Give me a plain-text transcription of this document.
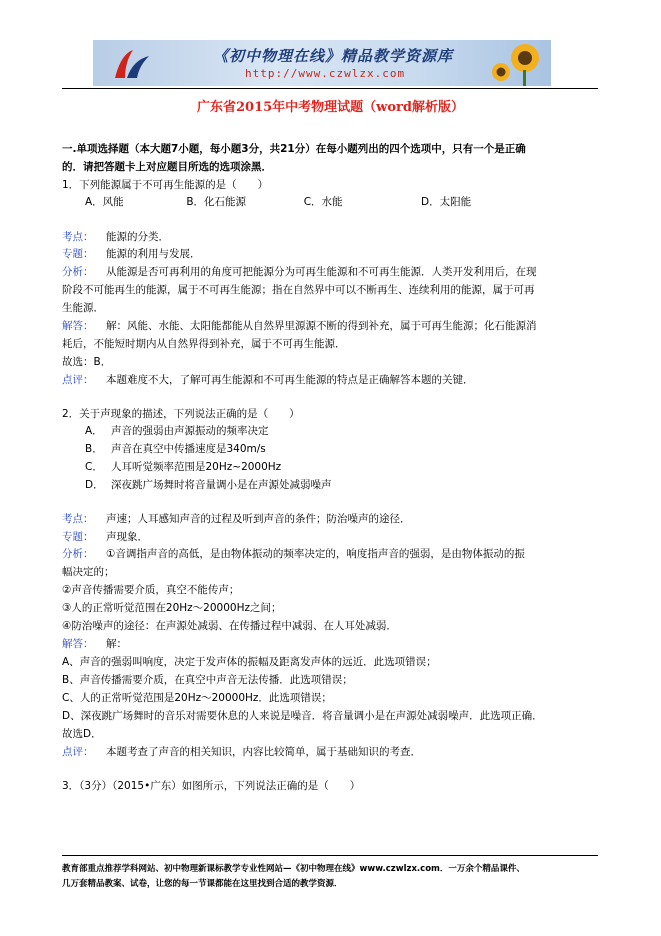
《初中物理在线》精品教学资源库
http://www.czwlzx.com
广东省2015年中考物理试题（word解析版）
一.单项选择题（本大题7小题，每小题3分，共21分）在每小题列出的四个选项中，只有一个是正确
的．请把答题卡上对应题目所选的选项涂黑．
1．下列能源属于不可再生能源的是（　　）
A．风能	B．化石能源	C．水能	D．太阳能
考点： 能源的分类．
专题： 能源的利用与发展．
分析： 从能源是否可再利用的角度可把能源分为可再生能源和不可再生能源．人类开发利用后，在现
阶段不可能再生的能源，属于不可再生能源；指在自然界中可以不断再生、连续利用的能源，属于可再
生能源．
解答： 解：风能、水能、太阳能都能从自然界里源源不断的得到补充，属于可再生能源；化石能源消
耗后，不能短时期内从自然界得到补充，属于不可再生能源．
故选：B．
点评： 本题难度不大，了解可再生能源和不可再生能源的特点是正确解答本题的关键．
2．关于声现象的描述，下列说法正确的是（　　）
A． 声音的强弱由声源振动的频率决定
B． 声音在真空中传播速度是340m/s
C． 人耳听觉频率范围是20Hz~2000Hz
D． 深夜跳广场舞时将音量调小是在声源处减弱噪声
考点： 声速；人耳感知声音的过程及听到声音的条件；防治噪声的途径．
专题： 声现象．
分析： ①音调指声音的高低，是由物体振动的频率决定的，响度指声音的强弱，是由物体振动的振
幅决定的；
②声音传播需要介质，真空不能传声；
③人的正常听觉范围在20Hz～20000Hz之间；
④防治噪声的途径：在声源处减弱、在传播过程中减弱、在人耳处减弱．
解答： 解：
A、声音的强弱叫响度，决定于发声体的振幅及距离发声体的远近．此选项错误；
B、声音传播需要介质，在真空中声音无法传播．此选项错误；
C、人的正常听觉范围是20Hz～20000Hz．此选项错误；
D、深夜跳广场舞时的音乐对需要休息的人来说是噪音．将音量调小是在声源处减弱噪声．此选项正确．
故选D．
点评： 本题考查了声音的相关知识，内容比较简单，属于基础知识的考查．
3．（3分）（2015•广东）如图所示，下列说法正确的是（　　）
教育部重点推荐学科网站、初中物理新课标教学专业性网站—《初中物理在线》www.czwlzx.com．一万余个精品课件、
几万套精品教案、试卷，让您的每一节课都能在这里找到合适的教学资源．
